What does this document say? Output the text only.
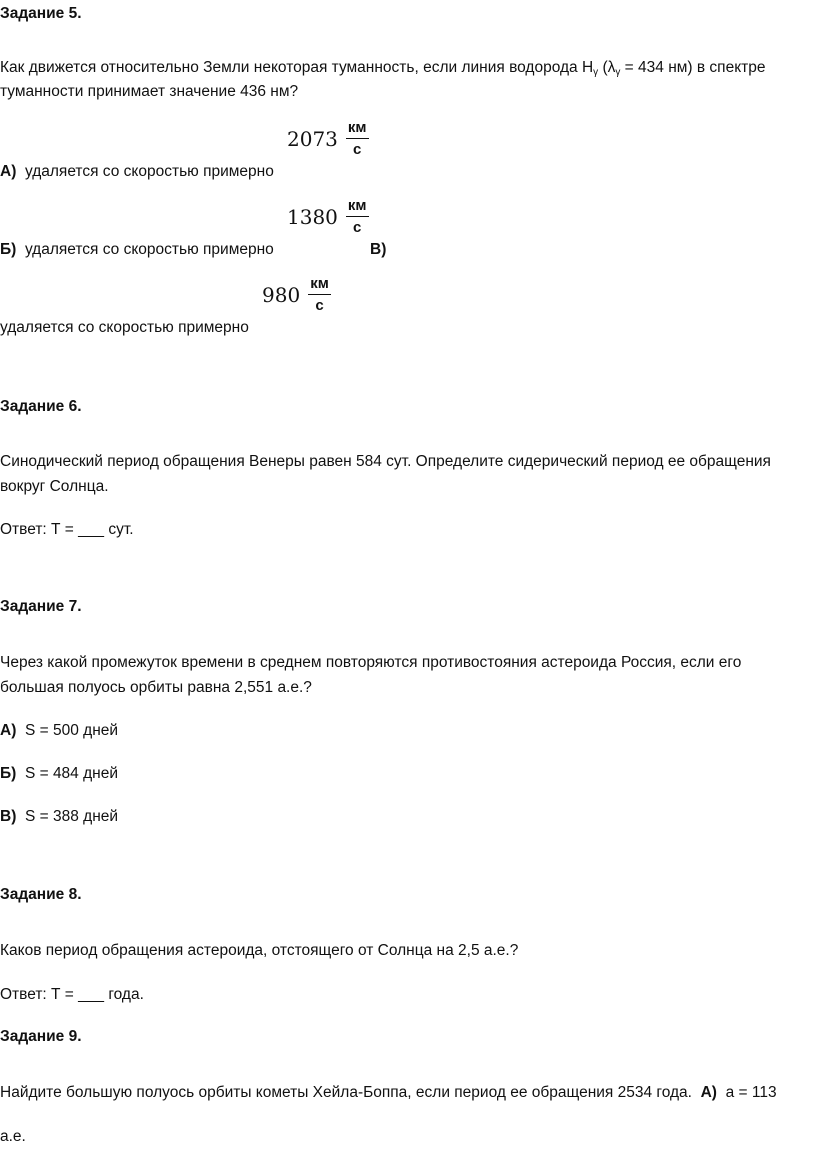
Задание 5.
Как движется относительно Земли некоторая туманность, если линия водорода $H_\gamma$ ($\lambda_\gamma = 434$ нм) в спектре
туманности принимает значение 436 нм?
А) удаляется со скоростью примерно
2073 км
с
Б) удаляется со скоростью примерно
1380 км
с
В)
удаляется со скоростью примерно
980 км
с
Задание 6.
Синодический период обращения Венеры равен 584 сут. Определите сидерический период ее обращения
вокруг Солнца.
Ответ: Т = ___ сут.
Задание 7.
Через какой промежуток времени в среднем повторяются противостояния астероида Россия, если его
большая полуось орбиты равна 2,551 а.е.?
А) S = 500 дней
Б) S = 484 дней
В) S = 388 дней
Задание 8.
Каков период обращения астероида, отстоящего от Солнца на 2,5 а.е.?
Ответ: Т = ___ года.
Задание 9.
Найдите большую полуось орбиты кометы Хейла-Боппа, если период ее обращения 2534 года. А) a = 113
а.е.
